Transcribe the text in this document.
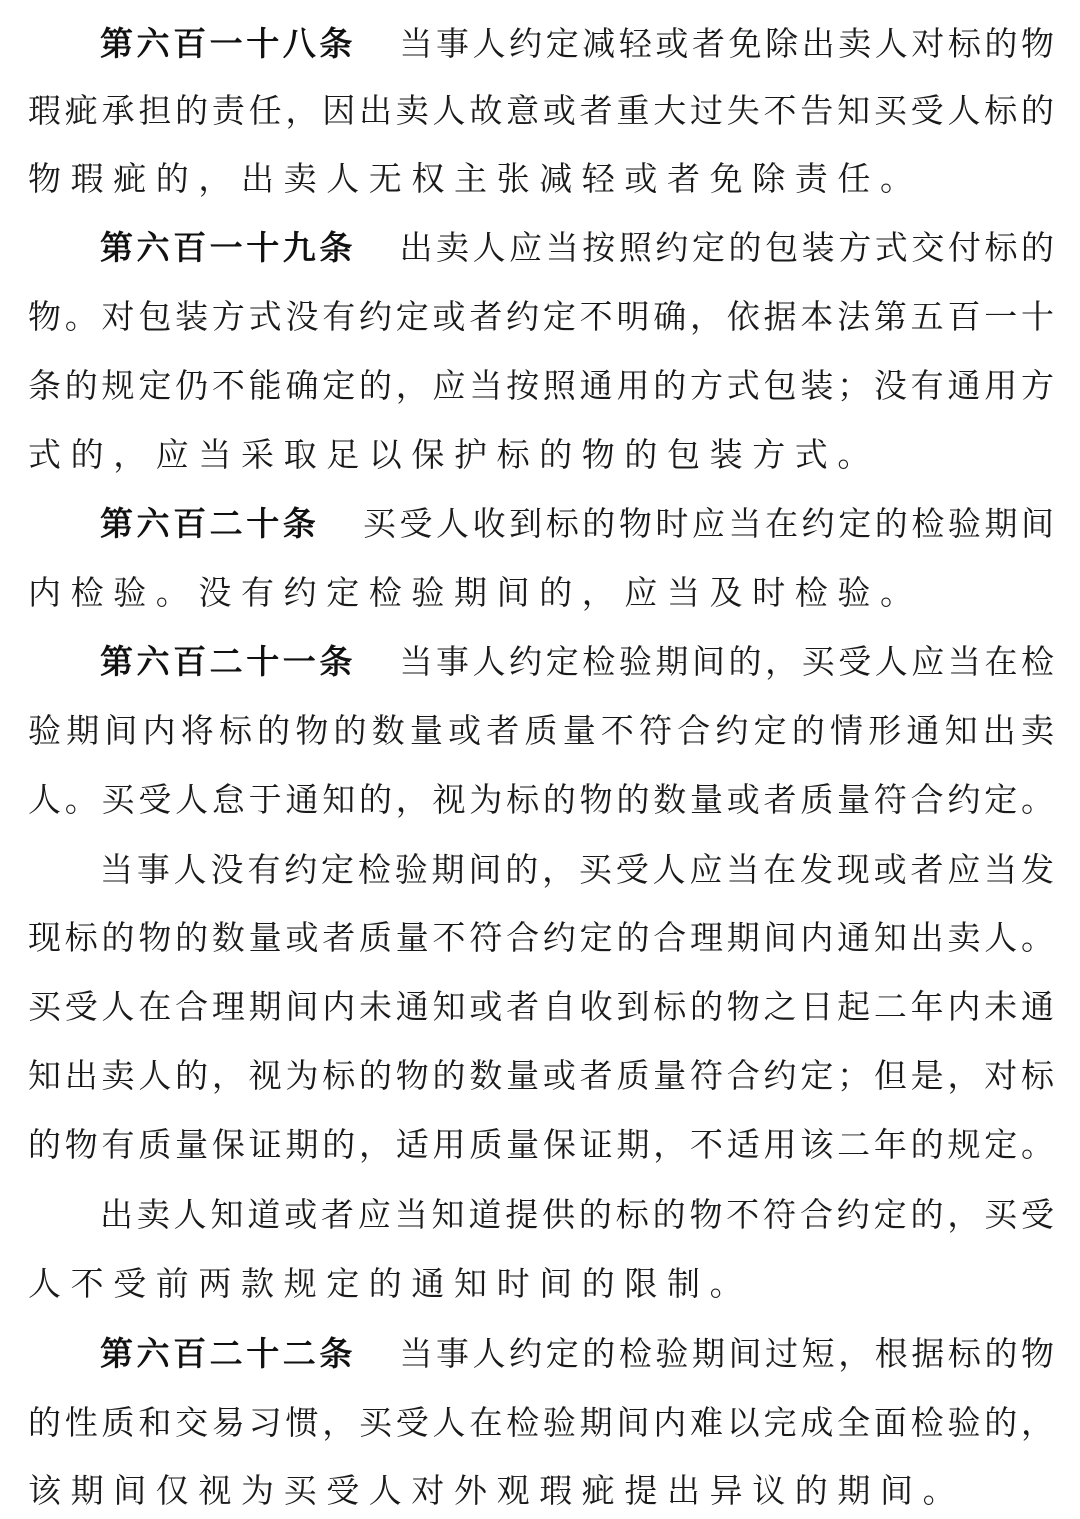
第六百一十八条 当事人约定减轻或者免除出卖人对标的物
瑕疵承担的责任，因出卖人故意或者重大过失不告知买受人标的
物瑕疵的，出卖人无权主张减轻或者免除责任。
第六百一十九条 出卖人应当按照约定的包装方式交付标的
物。对包装方式没有约定或者约定不明确，依据本法第五百一十
条的规定仍不能确定的，应当按照通用的方式包装；没有通用方
式的，应当采取足以保护标的物的包装方式。
第六百二十条 买受人收到标的物时应当在约定的检验期间
内检验。没有约定检验期间的，应当及时检验。
第六百二十一条 当事人约定检验期间的，买受人应当在检
验期间内将标的物的数量或者质量不符合约定的情形通知出卖
人。买受人怠于通知的，视为标的物的数量或者质量符合约定。
当事人没有约定检验期间的，买受人应当在发现或者应当发
现标的物的数量或者质量不符合约定的合理期间内通知出卖人。
买受人在合理期间内未通知或者自收到标的物之日起二年内未通
知出卖人的，视为标的物的数量或者质量符合约定；但是，对标
的物有质量保证期的，适用质量保证期，不适用该二年的规定。
出卖人知道或者应当知道提供的标的物不符合约定的，买受
人不受前两款规定的通知时间的限制。
第六百二十二条 当事人约定的检验期间过短，根据标的物
的性质和交易习惯，买受人在检验期间内难以完成全面检验的，
该期间仅视为买受人对外观瑕疵提出异议的期间。
